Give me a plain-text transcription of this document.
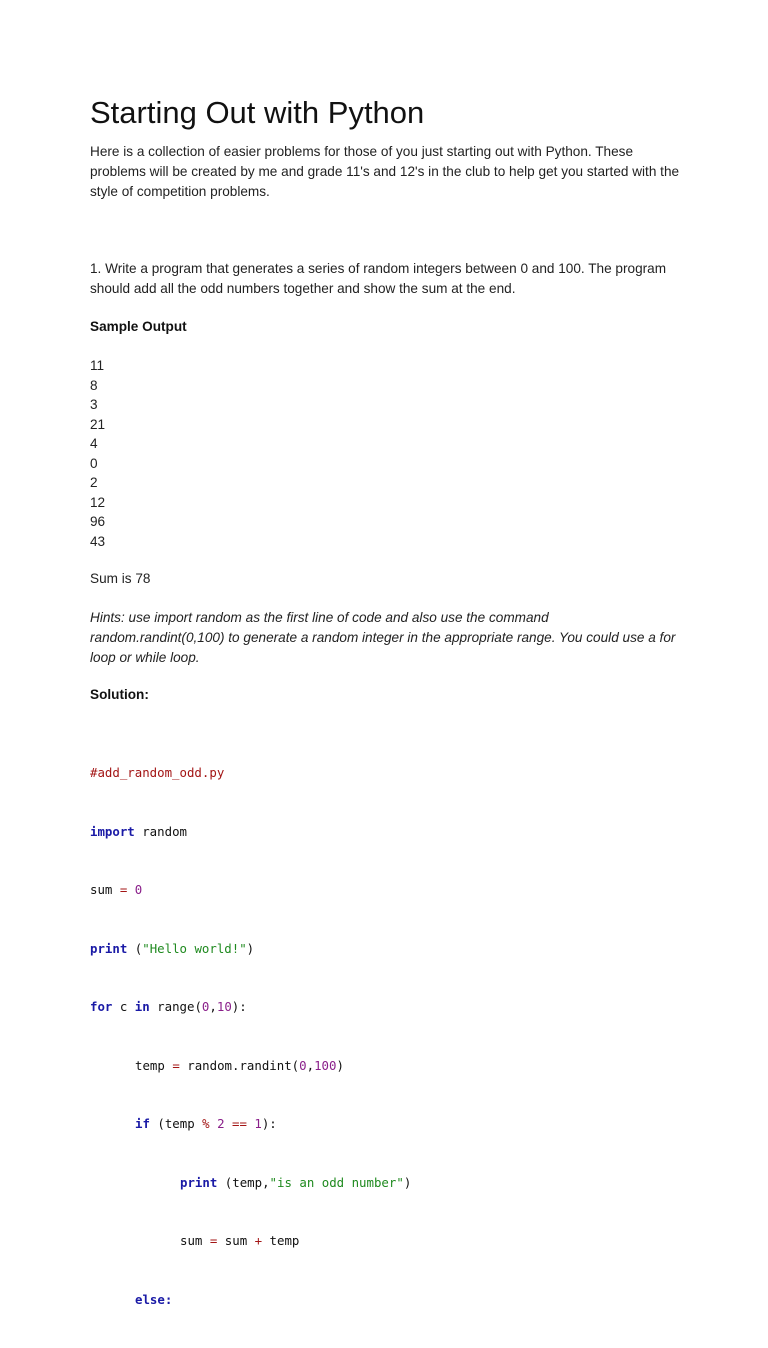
Starting Out with Python

Here is a collection of easier problems for those of you just starting out with Python. These problems will be created by me and grade 11's and 12's in the club to help get you started with the style of competition problems.

1. Write a program that generates a series of random integers between 0 and 100. The program should add all the odd numbers together and show the sum at the end.

Sample Output

11
8
3
21
4
0
2
12
96
43

Sum is 78

Hints: use import random as the first line of code and also use the command random.randint(0,100) to generate a random integer in the appropriate range. You could use a for loop or while loop.

Solution:

#add_random_odd.py

import random

sum = 0

print ("Hello world!")

for c in range(0,10):

temp = random.randint(0,100)

if (temp % 2 == 1):

print (temp,"is an odd number")

sum = sum + temp

else:
